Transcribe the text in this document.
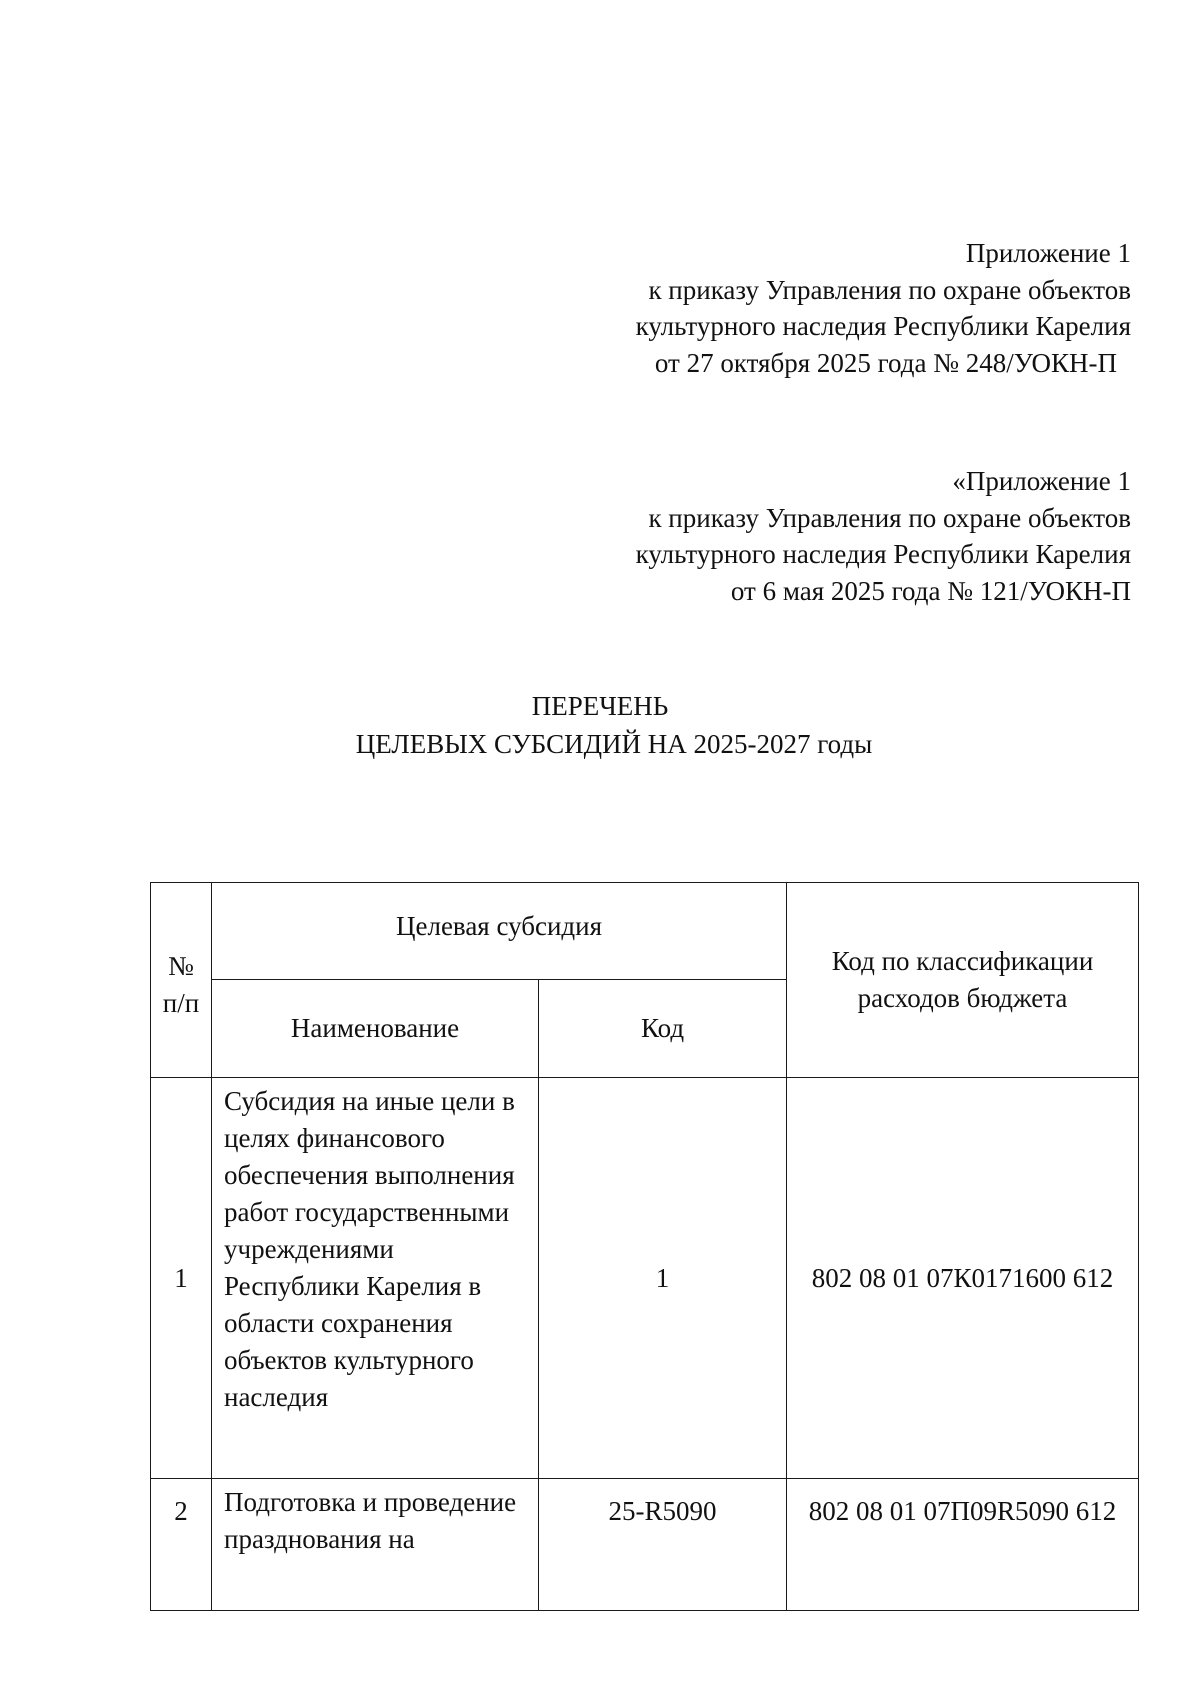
Приложение 1
к приказу Управления по охране объектов
культурного наследия Республики Карелия
от 27 октября 2025 года № 248/УОКН-П
«Приложение 1
к приказу Управления по охране объектов
культурного наследия Республики Карелия
от 6 мая 2025 года № 121/УОКН-П
ПЕРЕЧЕНЬ
ЦЕЛЕВЫХ СУБСИДИЙ НА 2025-2027 годы
№
п/п	Целевая субсидия		Код по классификации
расходов бюджета

	Наименование	Код	
1	Субсидия на иные цели в целях финансового обеспечения выполнения работ государственными учреждениями Республики Карелия в области сохранения объектов культурного наследия	1	802 08 01 07К0171600 612
2	Подготовка и проведение празднования на	25-R5090	802 08 01 07П09R5090 612
